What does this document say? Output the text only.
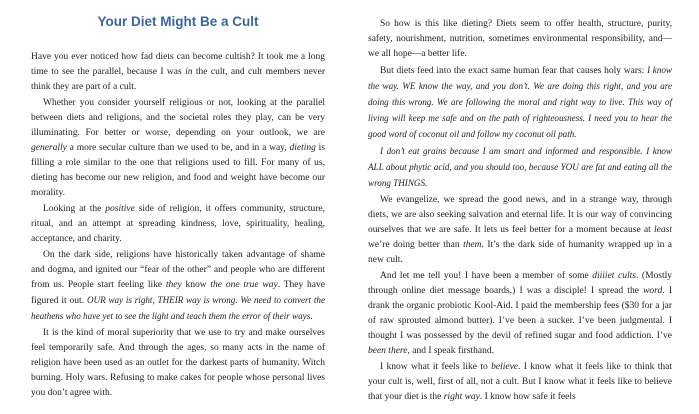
Your Diet Might Be a Cult

Have you ever noticed how fad diets can become cultish? It took me a long time to see the parallel, because I was in the cult, and cult members never think they are part of a cult.

Whether you consider yourself religious or not, looking at the parallel between diets and religions, and the societal roles they play, can be very illuminating. For better or worse, depending on your outlook, we are generally a more secular culture than we used to be, and in a way, dieting is filling a role similar to the one that religions used to fill. For many of us, dieting has become our new religion, and food and weight have become our morality.

Looking at the positive side of religion, it offers community, structure, ritual, and an attempt at spreading kindness, love, spirituality, healing, acceptance, and charity.

On the dark side, religions have historically taken advantage of shame and dogma, and ignited our “fear of the other” and people who are different from us. People start feeling like they know the one true way. They have figured it out. OUR way is right, THEIR way is wrong. We need to convert the heathens who have yet to see the light and teach them the error of their ways.

It is the kind of moral superiority that we use to try and make ourselves feel temporarily safe. And through the ages, so many acts in the name of religion have been used as an outlet for the darkest parts of humanity. Witch burning. Holy wars. Refusing to make cakes for people whose personal lives you don’t agree with.

So how is this like dieting? Diets seem to offer health, structure, purity, safety, nourishment, nutrition, sometimes environmental responsibility, and—we all hope—a better life.

But diets feed into the exact same human fear that causes holy wars: I know the way. WE know the way, and you don’t. We are doing this right, and you are doing this wrong. We are following the moral and right way to live. This way of living will keep me safe and on the path of righteousness. I need you to hear the good word of coconut oil and follow my coconut oil path.

I don’t eat grains because I am smart and informed and responsible. I know ALL about phytic acid, and you should too, because YOU are fat and eating all the wrong THINGS.

We evangelize, we spread the good news, and in a strange way, through diets, we are also seeking salvation and eternal life. It is our way of convincing ourselves that we are safe. It lets us feel better for a moment because at least we’re doing better than them. It’s the dark side of humanity wrapped up in a new cult.

And let me tell you! I have been a member of some diiiiet cults. (Mostly through online diet message boards.) I was a disciple! I spread the word. I drank the organic probiotic Kool-Aid. I paid the membership fees ($30 for a jar of raw sprouted almond butter). I’ve been a sucker. I’ve been judgmental. I thought I was possessed by the devil of refined sugar and food addiction. I’ve been there, and I speak firsthand.

I know what it feels like to believe. I know what it feels like to think that your cult is, well, first of all, not a cult. But I know what it feels like to believe that your diet is the right way. I know how safe it feels
